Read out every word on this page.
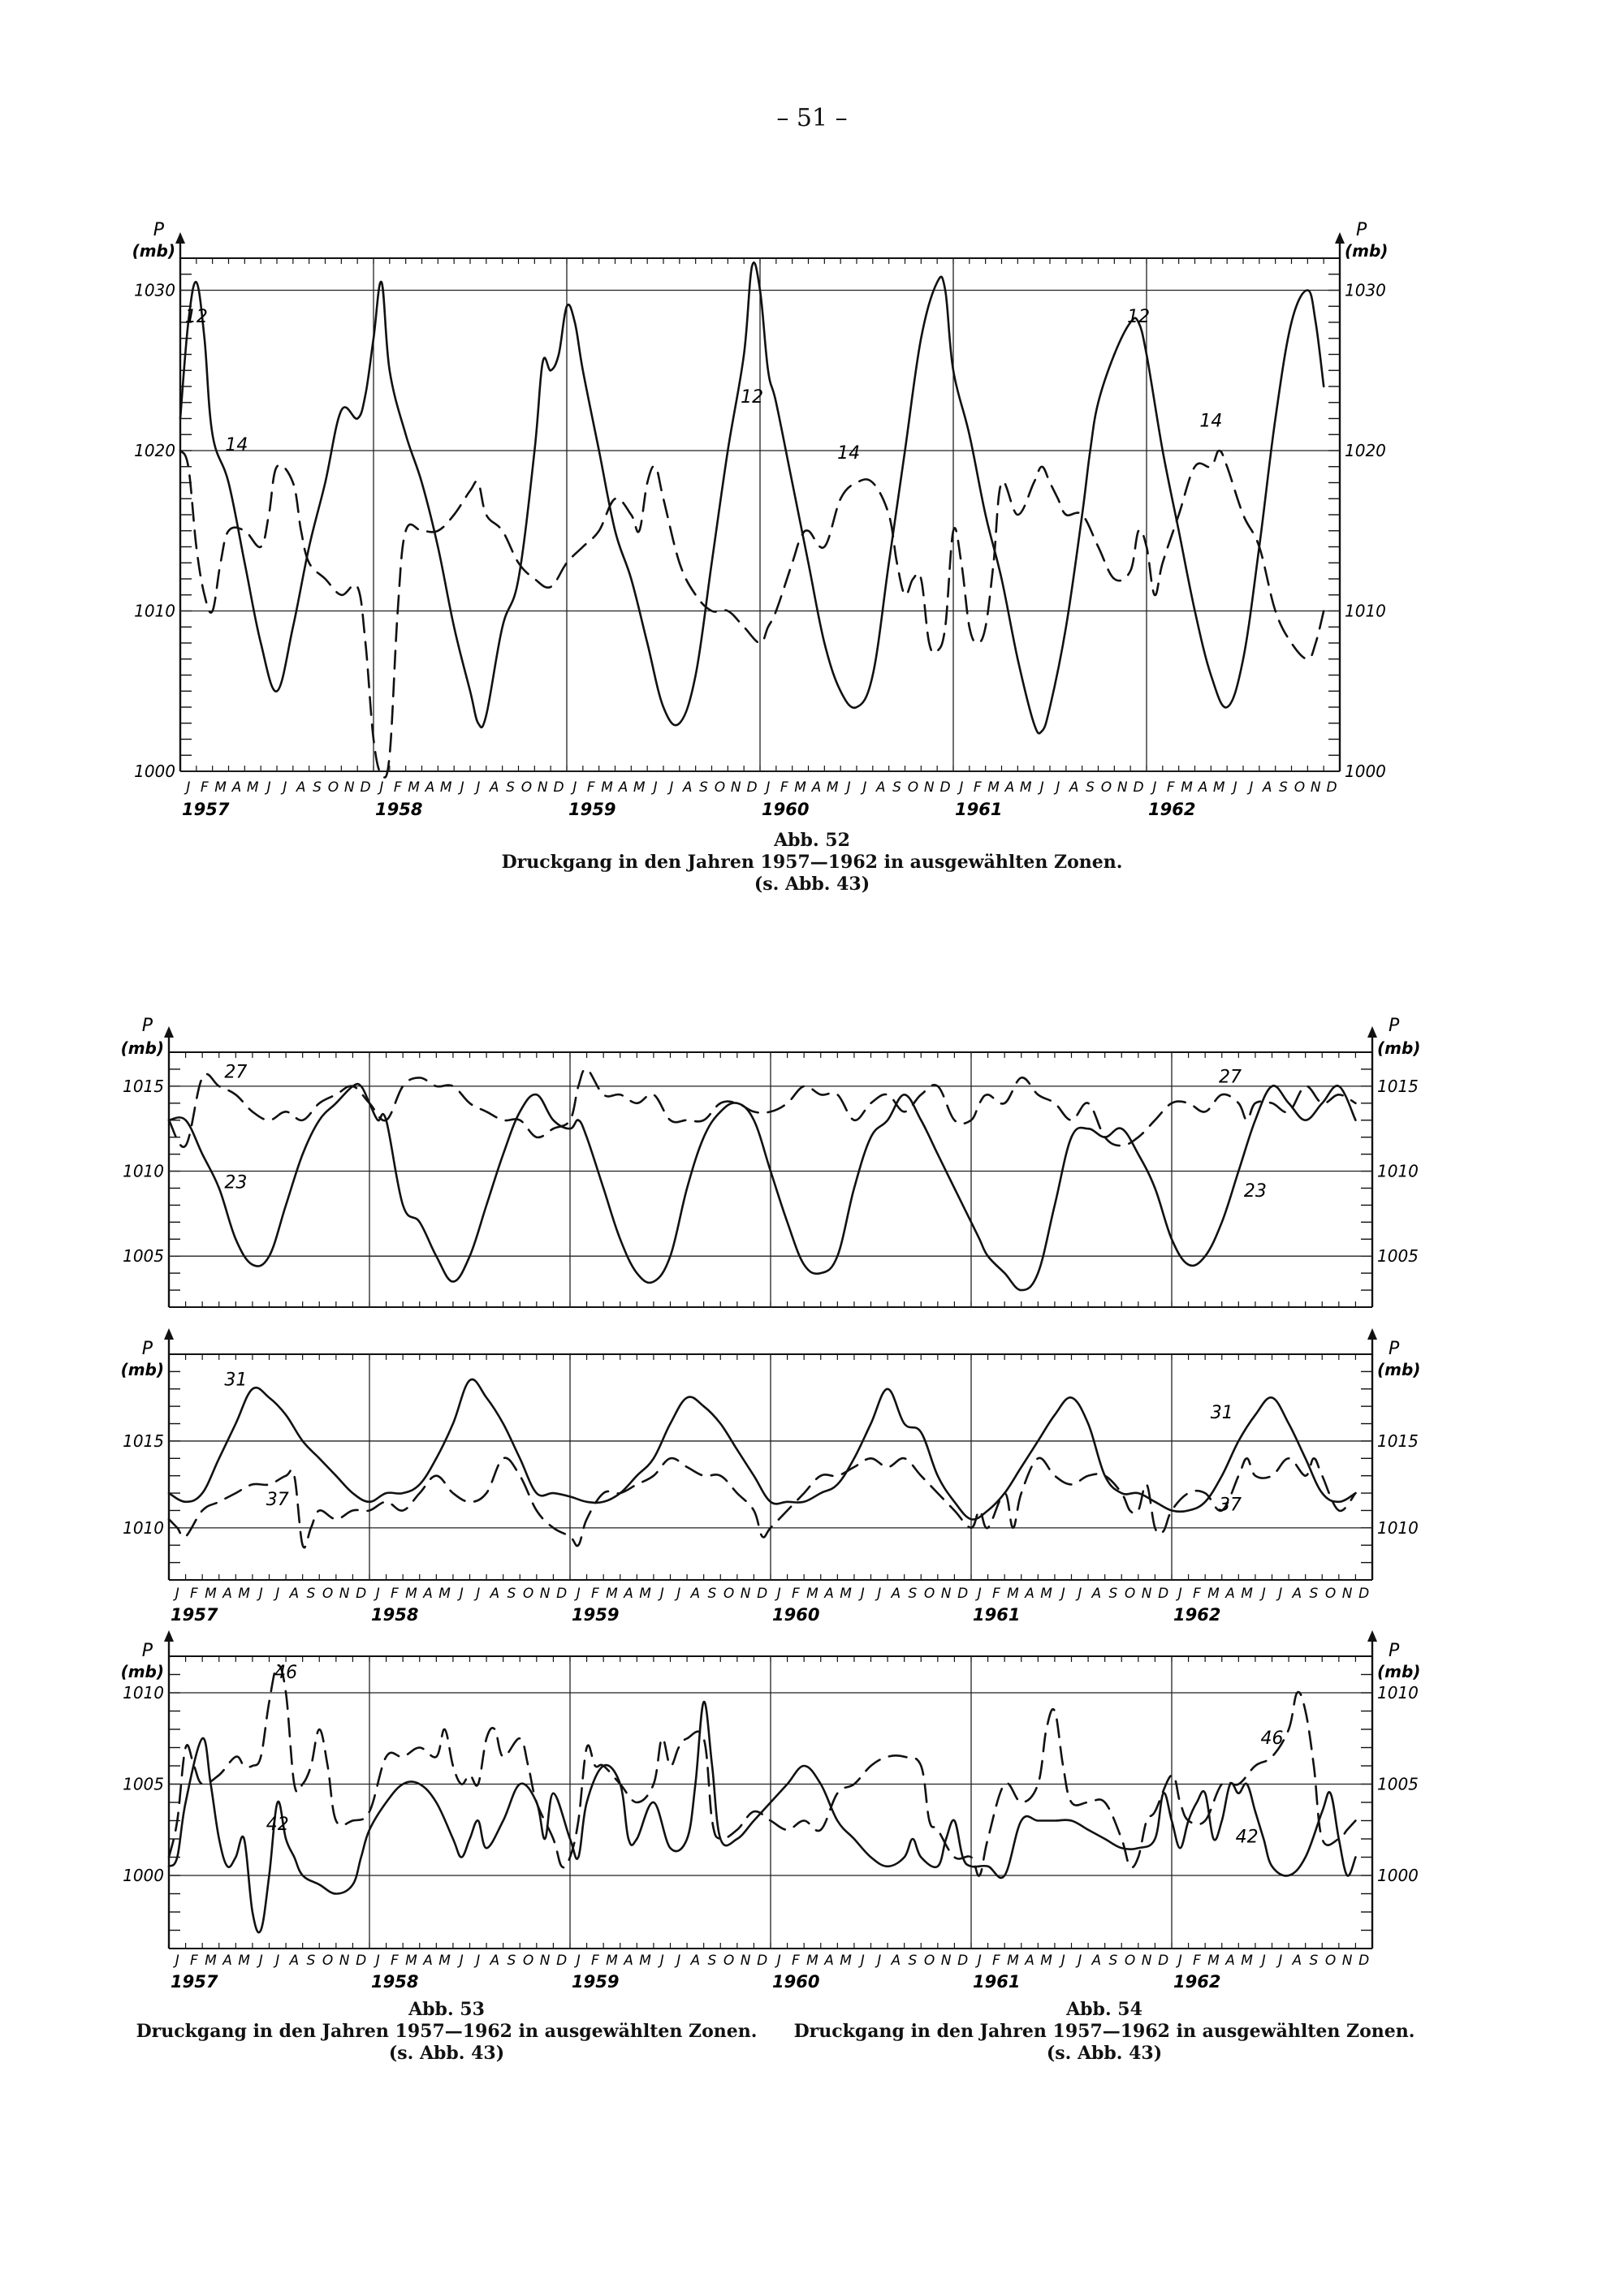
– 51 –
1000	1000
1010	1010
1020	1020
1030	1030
P
(mb)
P
(mb)
J F M A M J J A S O N D
1957
J F M A M J J A S O N D
1958
J F M A M J J A S O N D
1959
J F M A M J J A S O N D
1960
J F M A M J J A S O N D
1961
J F M A M J J A S O N D
1962
12
12
12
14	14
14
1005	1005
1010	1010
1015	1015
P
(mb)
P
(mb)
23	23
27	27
1010	1010
1015	1015
P
(mb)
P
(mb)
J F M A M J J A S O N D
1957
J F M A M J J A S O N D
1958
J F M A M J J A S O N D
1959
J F M A M J J A S O N D
1960
J F M A M J J A S O N D
1961
J F M A M J J A S O N D
1962
31
31
37	37
1000	1000
1005	1005
1010	1010
P
(mb)
P
(mb)
J F M A M J J A S O N D
1957
J F M A M J J A S O N D
1958
J F M A M J J A S O N D
1959
J F M A M J J A S O N D
1960
J F M A M J J A S O N D
1961
J F M A M J J A S O N D
1962
42
42
46
46
Abb. 52
Druckgang in den Jahren 1957—1962 in ausgewählten Zonen.
(s. Abb. 43)
Abb. 53
Druckgang in den Jahren 1957—1962 in ausgewählten Zonen.
(s. Abb. 43)
Abb. 54
Druckgang in den Jahren 1957—1962 in ausgewählten Zonen.
(s. Abb. 43)
